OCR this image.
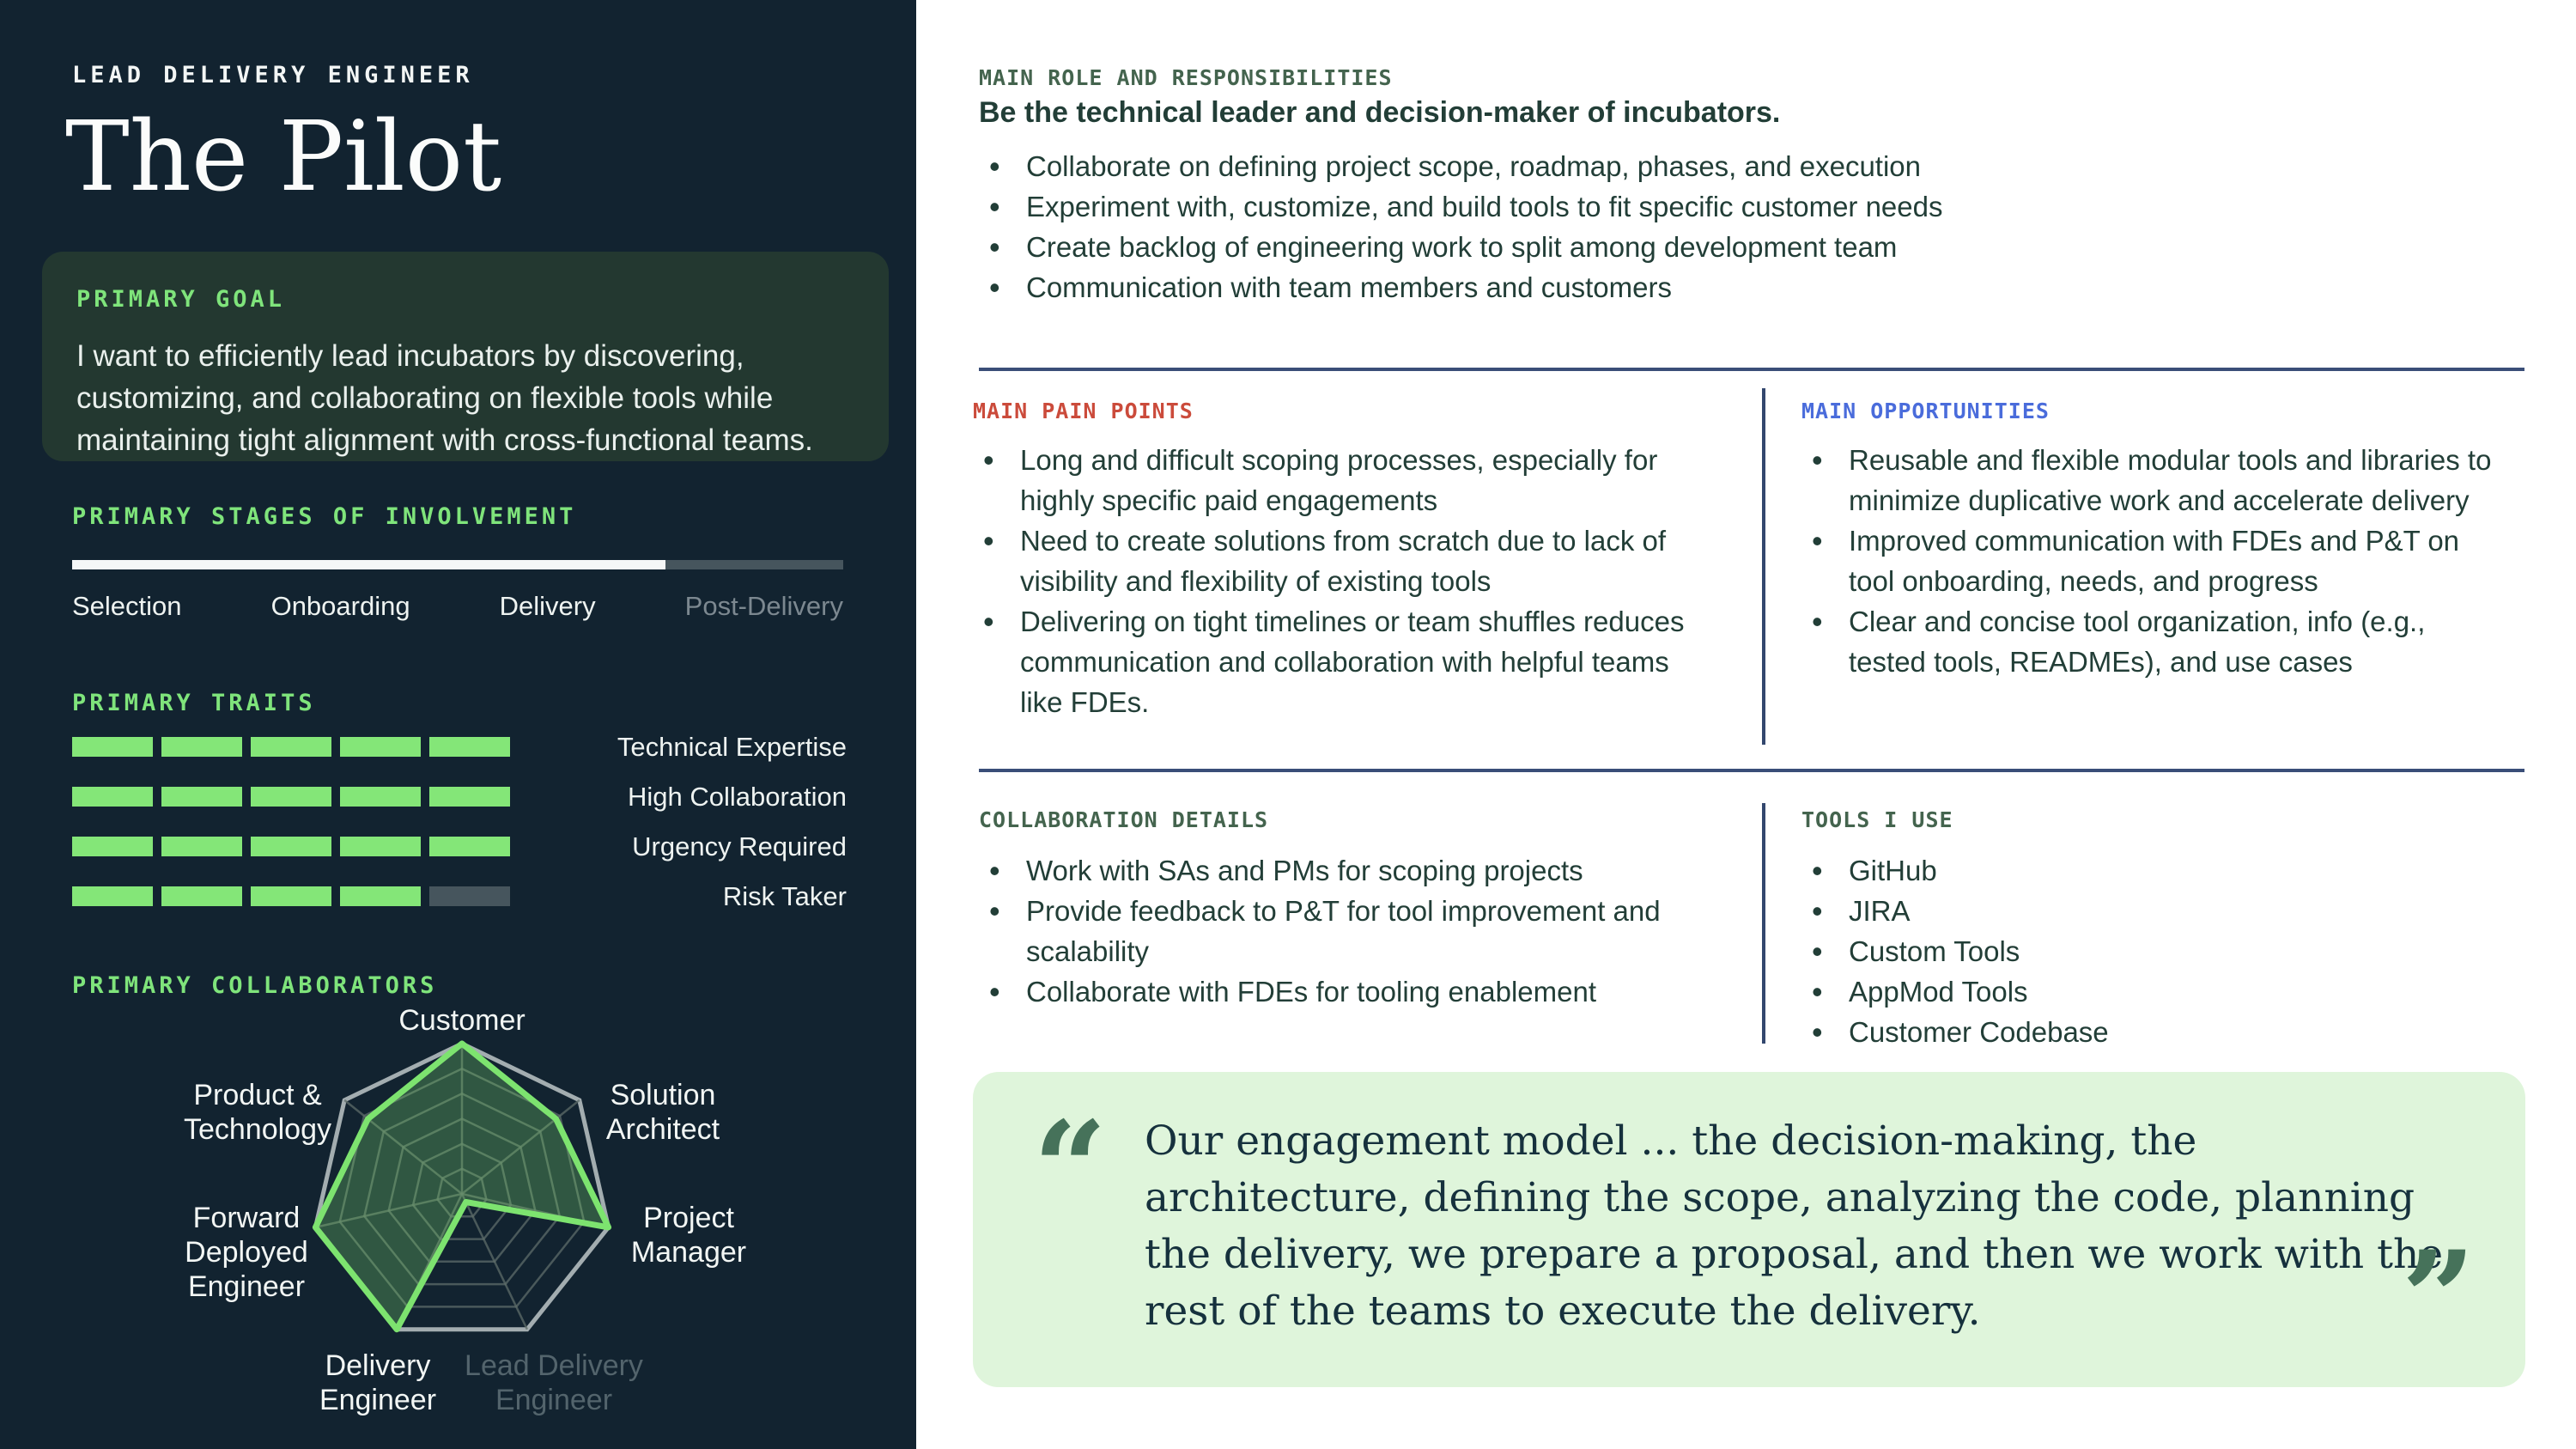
LEAD DELIVERY ENGINEER
The Pilot
PRIMARY GOAL

I want to efficiently lead incubators by discovering, customizing, and collaborating on flexible tools while maintaining tight alignment with cross-functional teams.

PRIMARY STAGES OF INVOLVEMENT
Selection	Onboarding	Delivery	Post-Delivery
PRIMARY TRAITS
Technical Expertise
High Collaboration
Urgency Required
Risk Taker
PRIMARY COLLABORATORS
Customer
Solution Architect
Project Manager
Lead Delivery Engineer
Delivery Engineer
Forward Deployed Engineer
Product & Technology
MAIN ROLE AND RESPONSIBILITIES
Be the technical leader and decision-maker of incubators.
• Collaborate on defining project scope, roadmap, phases, and execution
• Experiment with, customize, and build tools to fit specific customer needs
• Create backlog of engineering work to split among development team
• Communication with team members and customers
MAIN PAIN POINTS
• Long and difficult scoping processes, especially for highly specific paid engagements
• Need to create solutions from scratch due to lack of visibility and flexibility of existing tools
• Delivering on tight timelines or team shuffles reduces communication and collaboration with helpful teams like FDEs.
MAIN OPPORTUNITIES
• Reusable and flexible modular tools and libraries to minimize duplicative work and accelerate delivery
• Improved communication with FDEs and P&T on tool onboarding, needs, and progress
• Clear and concise tool organization, info (e.g., tested tools, READMEs), and use cases
COLLABORATION DETAILS
• Work with SAs and PMs for scoping projects
• Provide feedback to P&T for tool improvement and scalability
• Collaborate with FDEs for tooling enablement
TOOLS I USE
• GitHub
• JIRA
• Custom Tools
• AppMod Tools
• Customer Codebase
“ Our engagement model ... the decision-making, the architecture, defining the scope, analyzing the code, planning the delivery, we prepare a proposal, and then we work with the rest of the teams to execute the delivery.	”
